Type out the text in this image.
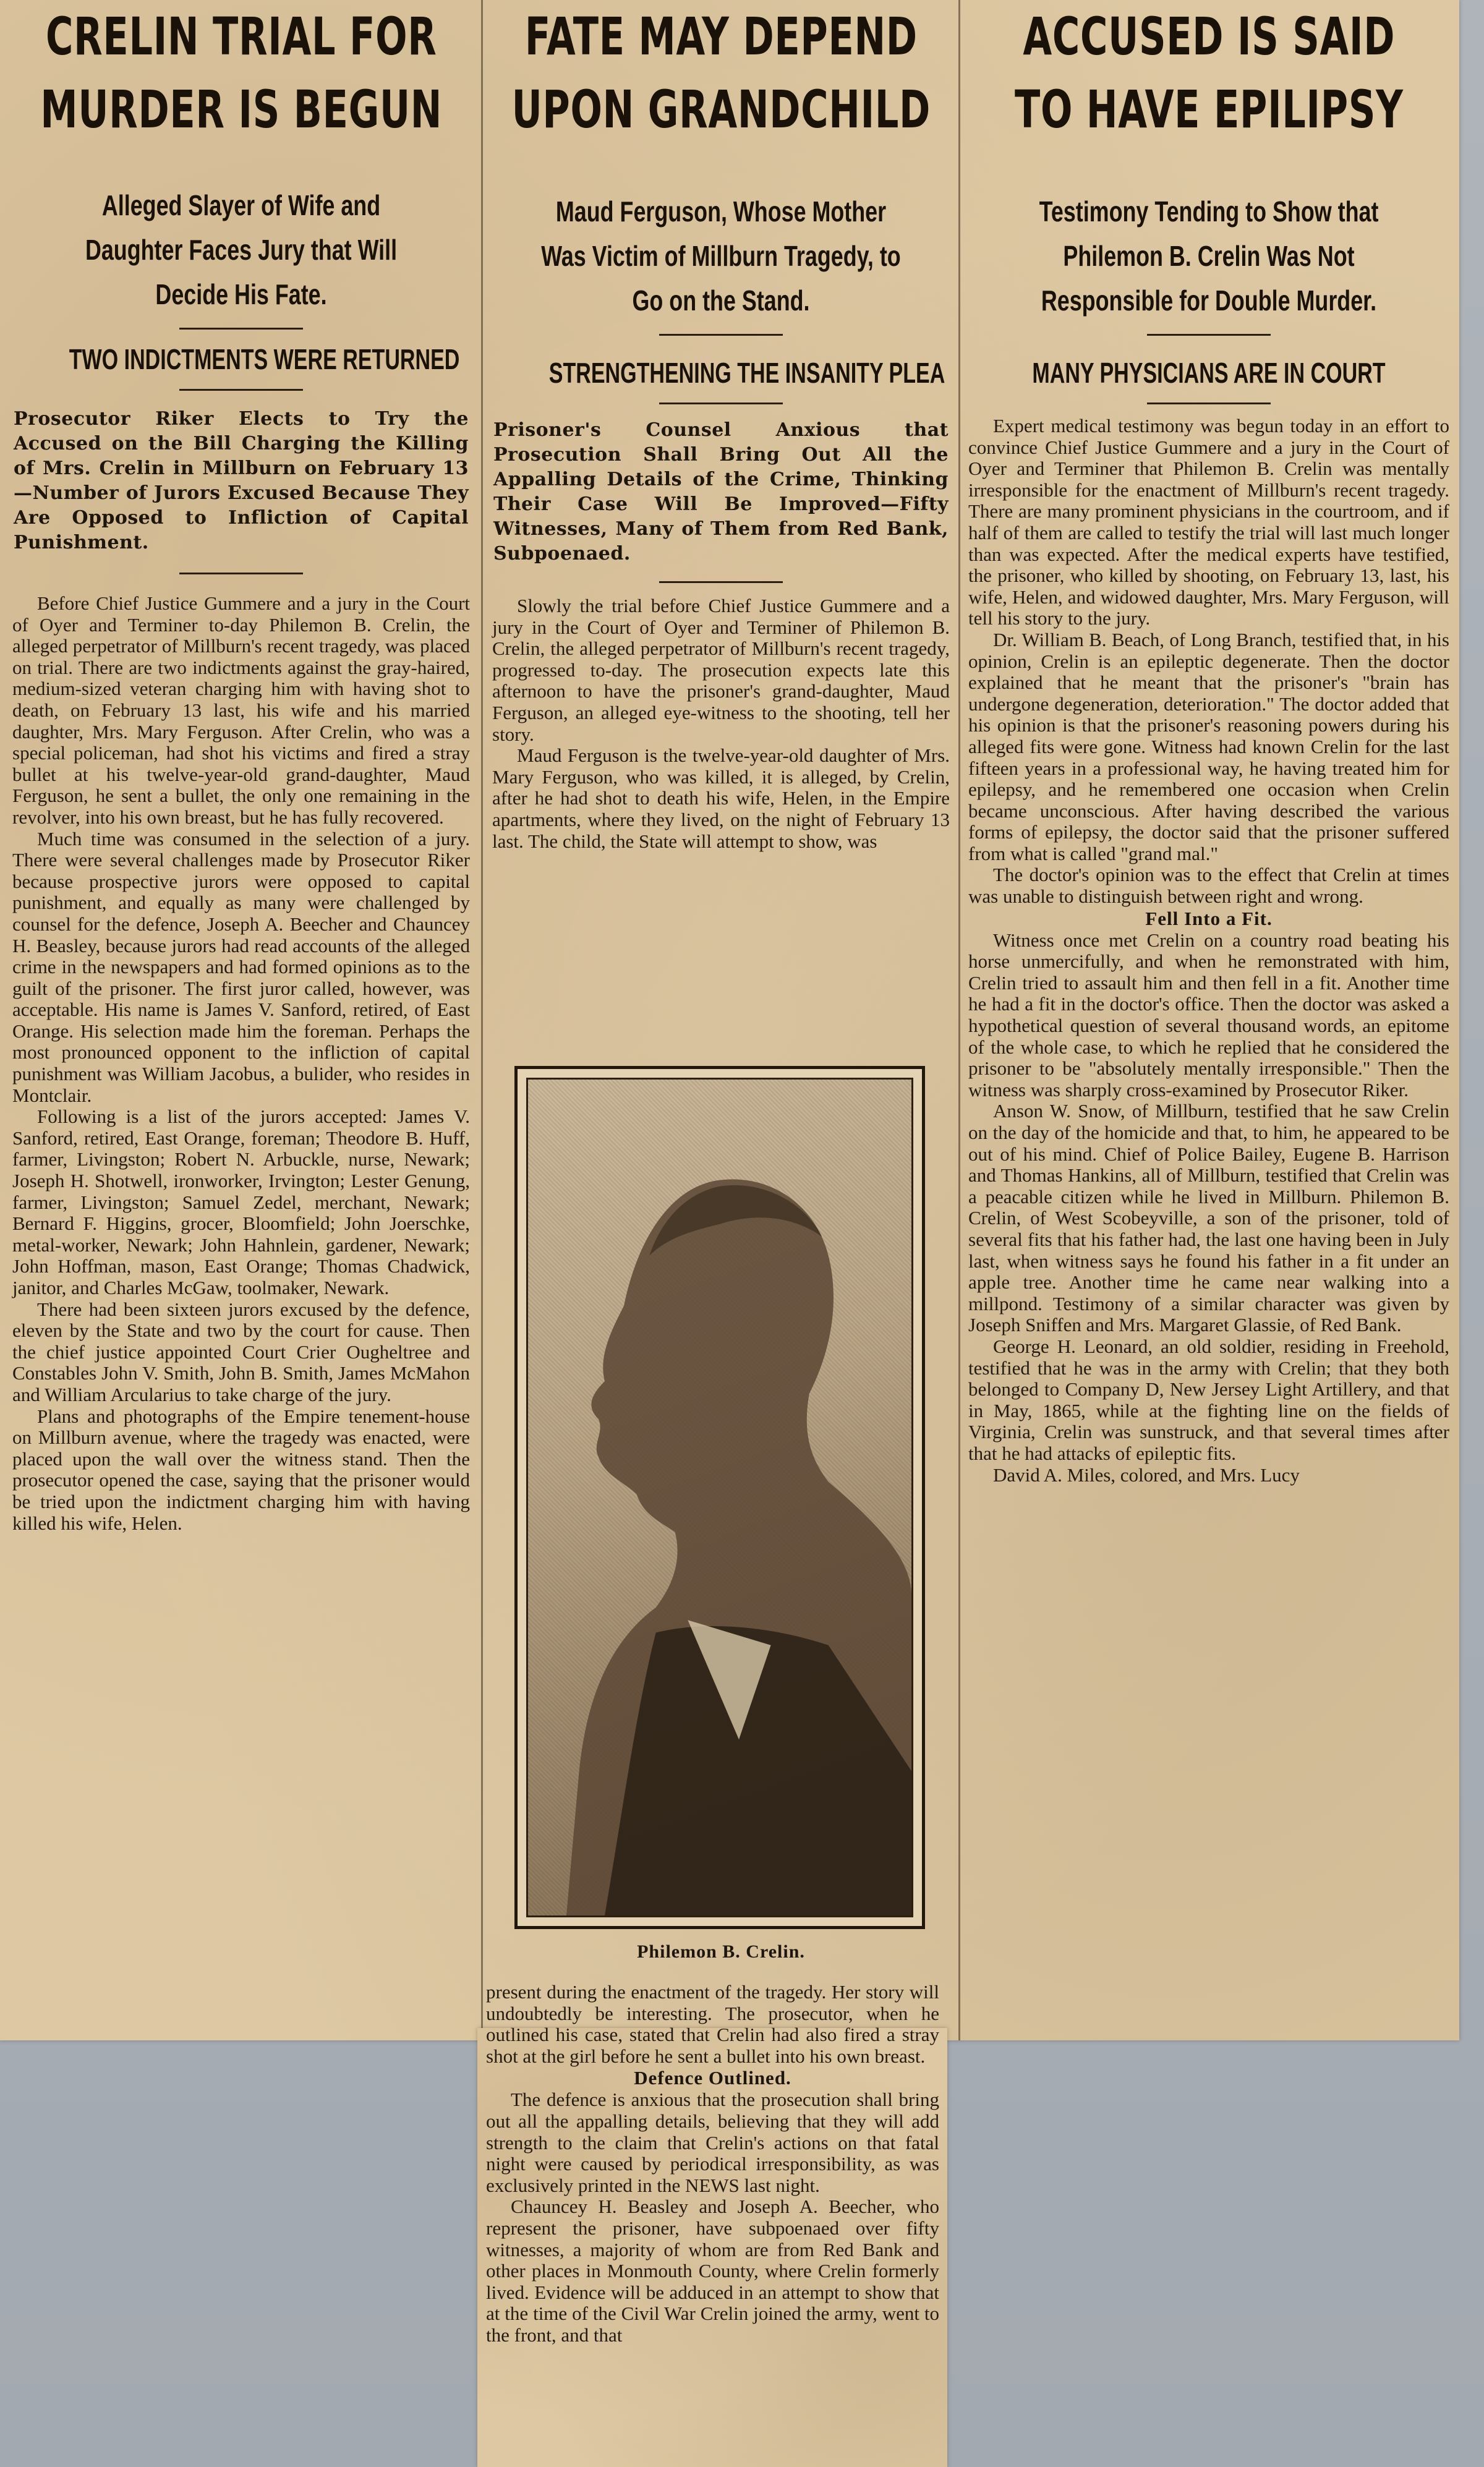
CRELIN TRIAL FOR
MURDER IS BEGUN
Alleged Slayer of Wife and Daughter Faces Jury that Will Decide His Fate.
TWO INDICTMENTS WERE RETURNED
Prosecutor Riker Elects to Try the Accused on the Bill Charging the Killing of Mrs. Crelin in Millburn on February 13—Number of Jurors Excused Because They Are Opposed to Infliction of Capital Punishment.
Before Chief Justice Gummere and a jury in the Court of Oyer and Terminer to-day Philemon B. Crelin, the alleged perpetrator of Millburn's recent tragedy, was placed on trial. There are two indictments against the gray-haired, medium-sized veteran charging him with having shot to death, on February 13 last, his wife and his married daughter, Mrs. Mary Ferguson. After Crelin, who was a special policeman, had shot his victims and fired a stray bullet at his twelve-year-old grand-daughter, Maud Ferguson, he sent a bullet, the only one remaining in the revolver, into his own breast, but he has fully recovered.
Much time was consumed in the selection of a jury. There were several challenges made by Prosecutor Riker because prospective jurors were opposed to capital punishment, and equally as many were challenged by counsel for the defence, Joseph A. Beecher and Chauncey H. Beasley, because jurors had read accounts of the alleged crime in the newspapers and had formed opinions as to the guilt of the prisoner. The first juror called, however, was acceptable. His name is James V. Sanford, retired, of East Orange. His selection made him the foreman. Perhaps the most pronounced opponent to the infliction of capital punishment was William Jacobus, a bulider, who resides in Montclair.
Following is a list of the jurors accepted: James V. Sanford, retired, East Orange, foreman; Theodore B. Huff, farmer, Livingston; Robert N. Arbuckle, nurse, Newark; Joseph H. Shotwell, ironworker, Irvington; Lester Genung, farmer, Livingston; Samuel Zedel, merchant, Newark; Bernard F. Higgins, grocer, Bloomfield; John Joerschke, metal-worker, Newark; John Hahnlein, gardener, Newark; John Hoffman, mason, East Orange; Thomas Chadwick, janitor, and Charles McGaw, toolmaker, Newark.
There had been sixteen jurors excused by the defence, eleven by the State and two by the court for cause. Then the chief justice appointed Court Crier Ougheltree and Constables John V. Smith, John B. Smith, James McMahon and William Arcularius to take charge of the jury.
Plans and photographs of the Empire tenement-house on Millburn avenue, where the tragedy was enacted, were placed upon the wall over the witness stand. Then the prosecutor opened the case, saying that the prisoner would be tried upon the indictment charging him with having killed his wife, Helen.
FATE MAY DEPEND
UPON GRANDCHILD
Maud Ferguson, Whose Mother Was Victim of Millburn Tragedy, to Go on the Stand.
STRENGTHENING THE INSANITY PLEA
Prisoner's Counsel Anxious that Prosecution Shall Bring Out All the Appalling Details of the Crime, Thinking Their Case Will Be Improved—Fifty Witnesses, Many of Them from Red Bank, Subpoenaed.
Slowly the trial before Chief Justice Gummere and a jury in the Court of Oyer and Terminer of Philemon B. Crelin, the alleged perpetrator of Millburn's recent tragedy, progressed to-day. The prosecution expects late this afternoon to have the prisoner's grand-daughter, Maud Ferguson, an alleged eye-witness to the shooting, tell her story.
Maud Ferguson is the twelve-year-old daughter of Mrs. Mary Ferguson, who was killed, it is alleged, by Crelin, after he had shot to death his wife, Helen, in the Empire apartments, where they lived, on the night of February 13 last. The child, the State will attempt to show, was
Philemon B. Crelin.
present during the enactment of the tragedy. Her story will undoubtedly be interesting. The prosecutor, when he outlined his case, stated that Crelin had also fired a stray shot at the girl before he sent a bullet into his own breast.
Defence Outlined.
The defence is anxious that the prosecution shall bring out all the appalling details, believing that they will add strength to the claim that Crelin's actions on that fatal night were caused by periodical irresponsibility, as was exclusively printed in the NEWS last night.
Chauncey H. Beasley and Joseph A. Beecher, who represent the prisoner, have subpoenaed over fifty witnesses, a majority of whom are from Red Bank and other places in Monmouth County, where Crelin formerly lived. Evidence will be adduced in an attempt to show that at the time of the Civil War Crelin joined the army, went to the front, and that
ACCUSED IS SAID
TO HAVE EPILIPSY
Testimony Tending to Show that Philemon B. Crelin Was Not Responsible for Double Murder.
MANY PHYSICIANS ARE IN COURT
Expert medical testimony was begun today in an effort to convince Chief Justice Gummere and a jury in the Court of Oyer and Terminer that Philemon B. Crelin was mentally irresponsible for the enactment of Millburn's recent tragedy. There are many prominent physicians in the courtroom, and if half of them are called to testify the trial will last much longer than was expected. After the medical experts have testified, the prisoner, who killed by shooting, on February 13, last, his wife, Helen, and widowed daughter, Mrs. Mary Ferguson, will tell his story to the jury.
Dr. William B. Beach, of Long Branch, testified that, in his opinion, Crelin is an epileptic degenerate. Then the doctor explained that he meant that the prisoner's "brain has undergone degeneration, deterioration." The doctor added that his opinion is that the prisoner's reasoning powers during his alleged fits were gone. Witness had known Crelin for the last fifteen years in a professional way, he having treated him for epilepsy, and he remembered one occasion when Crelin became unconscious. After having described the various forms of epilepsy, the doctor said that the prisoner suffered from what is called "grand mal."
The doctor's opinion was to the effect that Crelin at times was unable to distinguish between right and wrong.
Fell Into a Fit.
Witness once met Crelin on a country road beating his horse unmercifully, and when he remonstrated with him, Crelin tried to assault him and then fell in a fit. Another time he had a fit in the doctor's office. Then the doctor was asked a hypothetical question of several thousand words, an epitome of the whole case, to which he replied that he considered the prisoner to be "absolutely mentally irresponsible." Then the witness was sharply cross-examined by Prosecutor Riker.
Anson W. Snow, of Millburn, testified that he saw Crelin on the day of the homicide and that, to him, he appeared to be out of his mind. Chief of Police Bailey, Eugene B. Harrison and Thomas Hankins, all of Millburn, testified that Crelin was a peacable citizen while he lived in Millburn. Philemon B. Crelin, of West Scobeyville, a son of the prisoner, told of several fits that his father had, the last one having been in July last, when witness says he found his father in a fit under an apple tree. Another time he came near walking into a millpond. Testimony of a similar character was given by Joseph Sniffen and Mrs. Margaret Glassie, of Red Bank.
George H. Leonard, an old soldier, residing in Freehold, testified that he was in the army with Crelin; that they both belonged to Company D, New Jersey Light Artillery, and that in May, 1865, while at the fighting line on the fields of Virginia, Crelin was sunstruck, and that several times after that he had attacks of epileptic fits.
David A. Miles, colored, and Mrs. Lucy
